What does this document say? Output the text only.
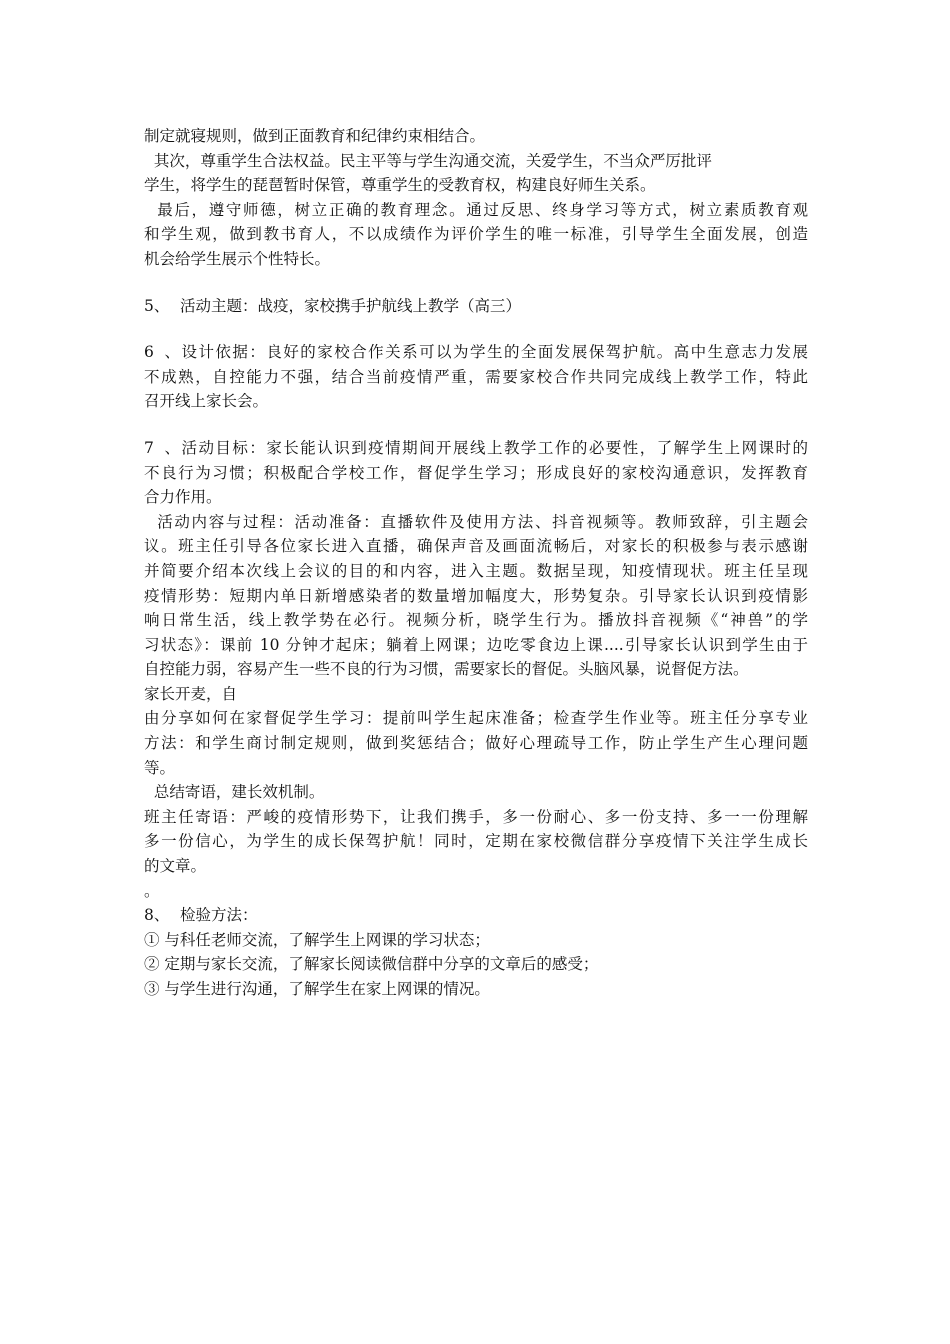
制定就寝规则，做到正面教育和纪律约束相结合。
其次，尊重学生合法权益。民主平等与学生沟通交流，关爱学生，不当众严厉批评
学生，将学生的琵琶暂时保管，尊重学生的受教育权，构建良好师生关系。
最后，遵守师德，树立正确的教育理念。通过反思、终身学习等方式，树立素质教育观
和学生观，做到教书育人，不以成绩作为评价学生的唯一标准，引导学生全面发展，创造
机会给学生展示个性特长。
5、 活动主题：战疫，家校携手护航线上教学（高三）
6、设计依据：良好的家校合作关系可以为学生的全面发展保驾护航。高中生意志力发展
不成熟，自控能力不强，结合当前疫情严重，需要家校合作共同完成线上教学工作，特此
召开线上家长会。
7、活动目标：家长能认识到疫情期间开展线上教学工作的必要性，了解学生上网课时的
不良行为习惯；积极配合学校工作，督促学生学习；形成良好的家校沟通意识，发挥教育
合力作用。
活动内容与过程：活动准备：直播软件及使用方法、抖音视频等。教师致辞，引主题会
议。班主任引导各位家长进入直播，确保声音及画面流畅后，对家长的积极参与表示感谢
并简要介绍本次线上会议的目的和内容，进入主题。数据呈现，知疫情现状。班主任呈现
疫情形势：短期内单日新增感染者的数量增加幅度大，形势复杂。引导家长认识到疫情影
响日常生活，线上教学势在必行。视频分析，晓学生行为。播放抖音视频《“神兽”的学
习状态》：课前 10 分钟才起床；躺着上网课；边吃零食边上课....引导家长认识到学生由于
自控能力弱，容易产生一些不良的行为习惯，需要家长的督促。头脑风暴，说督促方法。
家长开麦，自
由分享如何在家督促学生学习：提前叫学生起床准备；检查学生作业等。班主任分享专业
方法：和学生商讨制定规则，做到奖惩结合；做好心理疏导工作，防止学生产生心理问题
等。
总结寄语，建长效机制。
班主任寄语：严峻的疫情形势下，让我们携手，多一份耐心、多一份支持、多一一份理解
多一份信心，为学生的成长保驾护航！同时，定期在家校微信群分享疫情下关注学生成长
的文章。
。
8、 检验方法：
① 与科任老师交流，了解学生上网课的学习状态；
② 定期与家长交流，了解家长阅读微信群中分享的文章后的感受；
③ 与学生进行沟通，了解学生在家上网课的情况。
